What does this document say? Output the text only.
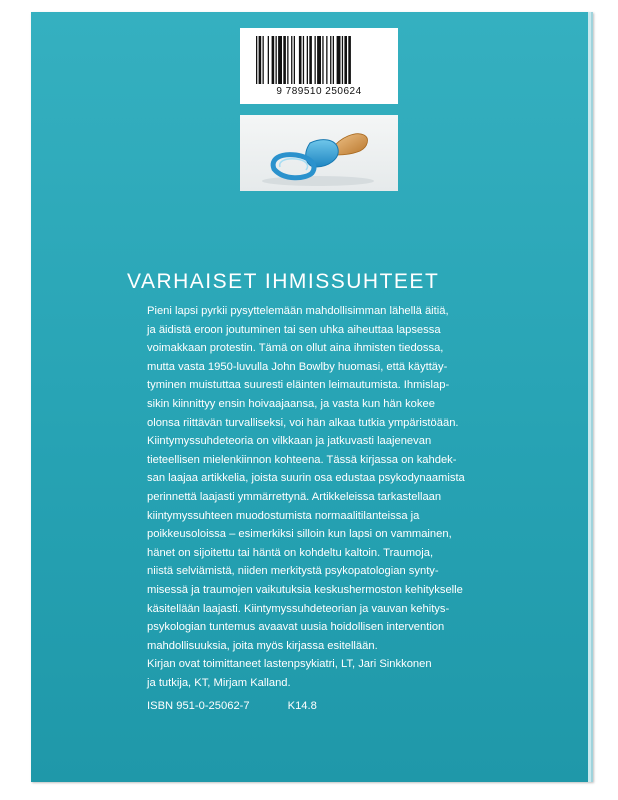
9 789510 250624
VARHAISET IHMISSUHTEET
Pieni lapsi pyrkii pysyttelemään mahdollisimman lähellä äitiä,
ja äidistä eroon joutuminen tai sen uhka aiheuttaa lapsessa
voimakkaan protestin. Tämä on ollut aina ihmisten tiedossa,
mutta vasta 1950-luvulla John Bowlby huomasi, että käyttäy-
tyminen muistuttaa suuresti eläinten leimautumista. Ihmislap-
sikin kiinnittyy ensin hoivaajaansa, ja vasta kun hän kokee
olonsa riittävän turvalliseksi, voi hän alkaa tutkia ympäristöään.
Kiintymyssuhdeteoria on vilkkaan ja jatkuvasti laajenevan
tieteellisen mielenkiinnon kohteena. Tässä kirjassa on kahdek-
san laajaa artikkelia, joista suurin osa edustaa psykodynaamista
perinnettä laajasti ymmärrettynä. Artikkeleissa tarkastellaan
kiintymyssuhteen muodostumista normaalitilanteissa ja
poikkeusoloissa – esimerkiksi silloin kun lapsi on vammainen,
hänet on sijoitettu tai häntä on kohdeltu kaltoin. Traumoja,
niistä selviämistä, niiden merkitystä psykopatologian synty-
misessä ja traumojen vaikutuksia keskushermoston kehitykselle
käsitellään laajasti. Kiintymyssuhdeteorian ja vauvan kehitys-
psykologian tuntemus avaavat uusia hoidollisen intervention
mahdollisuuksia, joita myös kirjassa esitellään.
Kirjan ovat toimittaneet lastenpsykiatri, LT, Jari Sinkkonen
ja tutkija, KT, Mirjam Kalland.
ISBN 951-0-25062-7	K14.8
